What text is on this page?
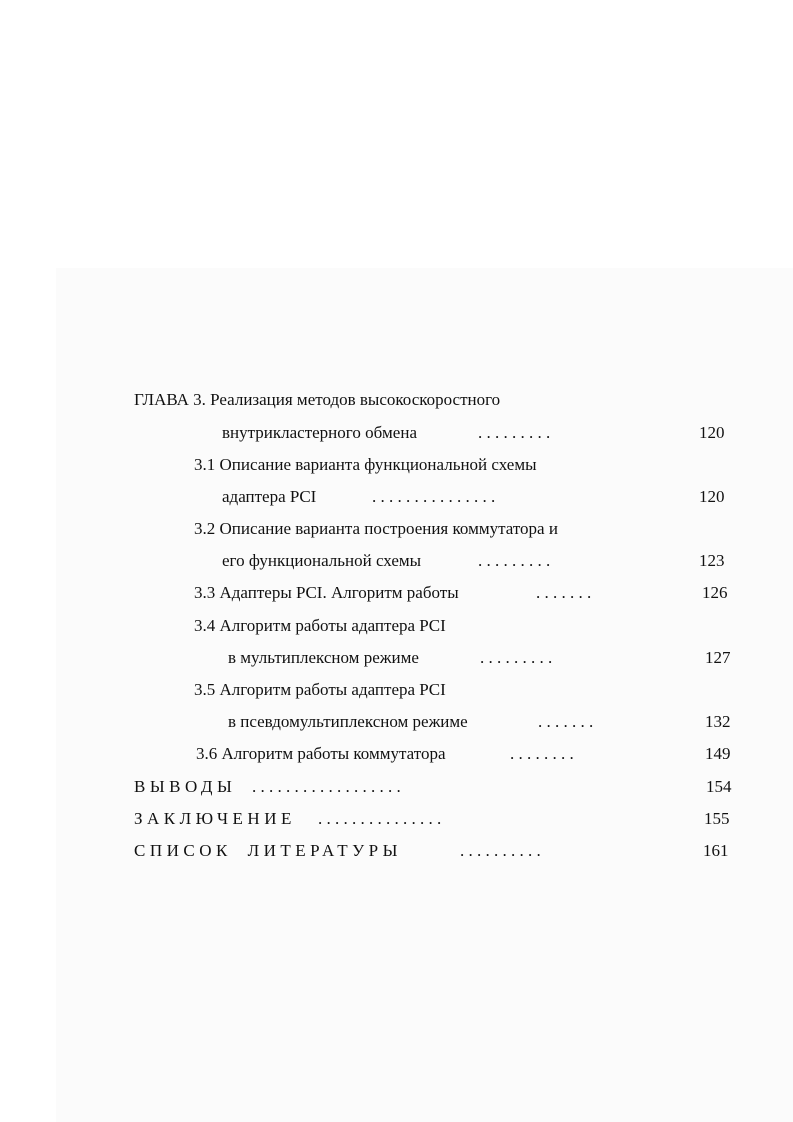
ГЛАВА 3. Реализация методов высокоскоростного
внутрикластерного обмена	. . . . . . . . .	120
3.1 Описание варианта функциональной схемы
адаптера PCI	. . . . . . . . . . . . . . .	120
3.2 Описание варианта построения коммутатора и
его функциональной схемы	. . . . . . . . .	123
3.3 Адаптеры PCI. Алгоритм работы	. . . . . . .	126
3.4 Алгоритм работы адаптера PCI
в мультиплексном режиме	. . . . . . . . .	127
3.5 Алгоритм работы адаптера PCI
в псевдомультиплексном режиме	. . . . . . .	132
3.6 Алгоритм работы коммутатора	. . . . . . . .	149
ВЫВОДЫ . . . . . . . . . . . . . . . . . .	154
ЗАКЛЮЧЕНИЕ . . . . . . . . . . . . . . .	155
СПИСОК ЛИТЕРАТУРЫ	. . . . . . . . . .	161
